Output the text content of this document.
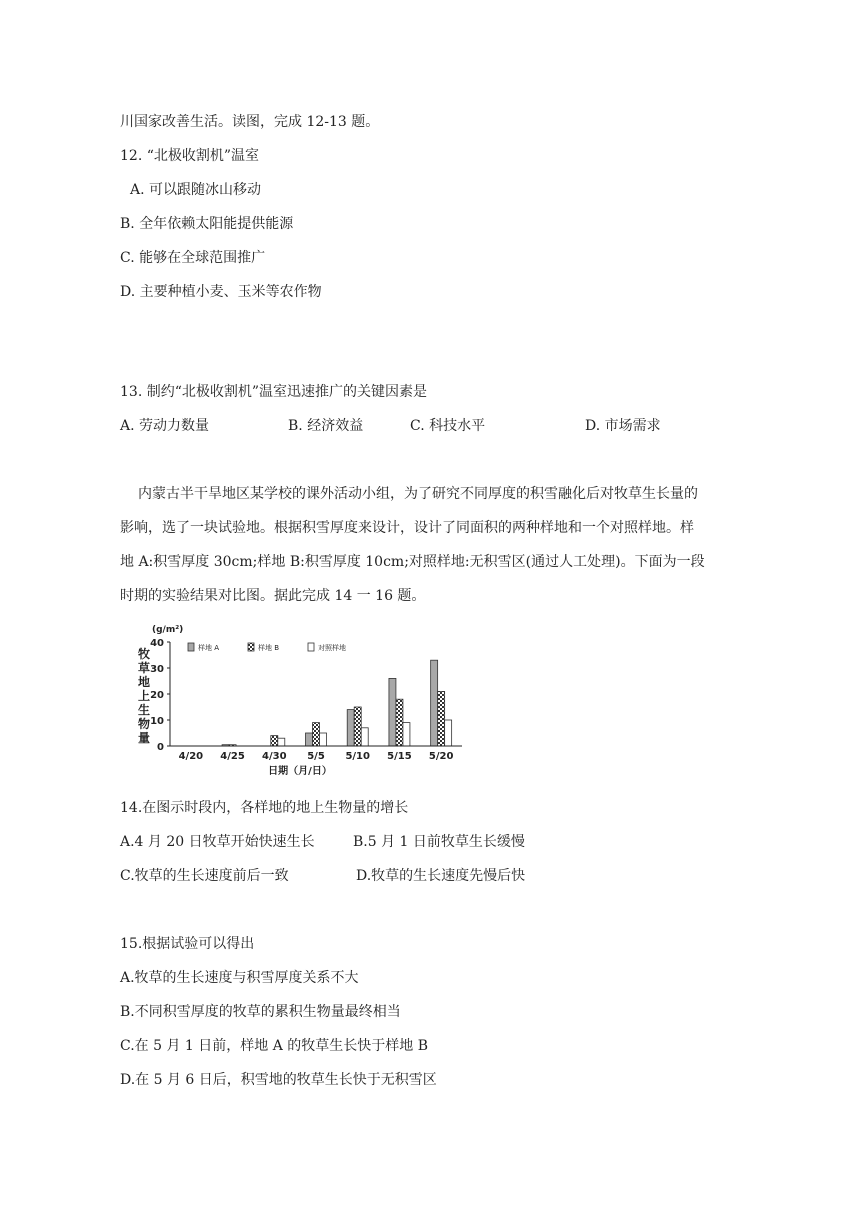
川国家改善生活。读图，完成 12-13 题。
12. “北极收割机”温室
A. 可以跟随冰山移动
B. 全年依赖太阳能提供能源
C. 能够在全球范围推广
D. 主要种植小麦、玉米等农作物
13. 制约“北极收割机”温室迅速推广的关键因素是
A. 劳动力数量	B. 经济效益	C. 科技水平	D. 市场需求
内蒙古半干旱地区某学校的课外活动小组，为了研究不同厚度的积雪融化后对牧草生长量的
影响，选了一块试验地。根据积雪厚度来设计，设计了同面积的两种样地和一个对照样地。样
地 A:积雪厚度 30cm;样地 B:积雪厚度 10cm;对照样地:无积雪区(通过人工处理)。下面为一段
时期的实验结果对比图。据此完成 14 一 16 题。
(g/m²)
牧草地上生物量
样地 A	样地 B	对照样地
0
10
20
30
40
4/20 4/25 4/30 5/5 5/10 5/15 5/20
日期（月/日）
14.在图示时段内，各样地的地上生物量的增长
A.4 月 20 日牧草开始快速生长	B.5 月 1 日前牧草生长缓慢
C.牧草的生长速度前后一致	D.牧草的生长速度先慢后快
15.根据试验可以得出
A.牧草的生长速度与积雪厚度关系不大
B.不同积雪厚度的牧草的累积生物量最终相当
C.在 5 月 1 日前，样地 A 的牧草生长快于样地 B
D.在 5 月 6 日后，积雪地的牧草生长快于无积雪区
